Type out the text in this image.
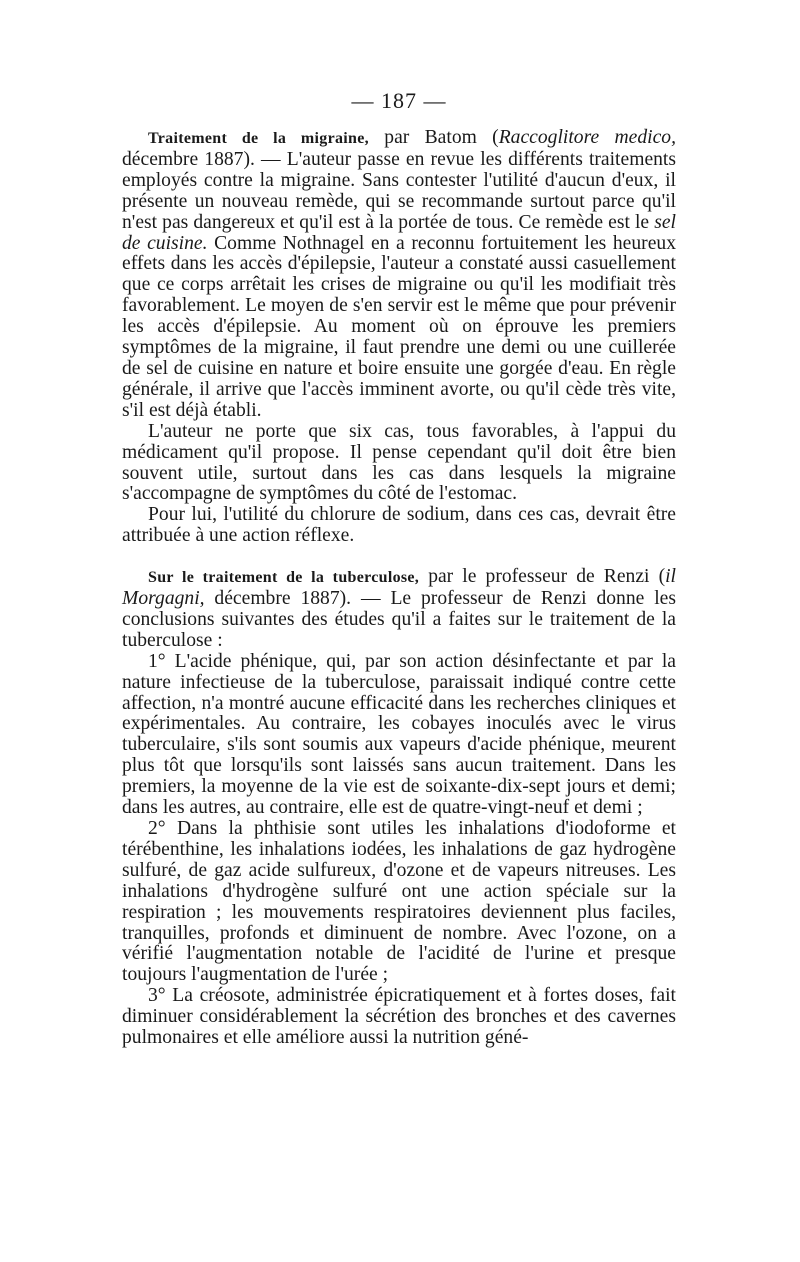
— 187 —

Traitement de la migraine, par Batom (Raccoglitore medico, décembre 1887). — L'auteur passe en revue les différents traitements employés contre la migraine. Sans contester l'utilité d'aucun d'eux, il présente un nouveau remède, qui se recommande surtout parce qu'il n'est pas dangereux et qu'il est à la portée de tous. Ce remède est le sel de cuisine. Comme Nothnagel en a reconnu fortuitement les heureux effets dans les accès d'épilepsie, l'auteur a constaté aussi casuellement que ce corps arrêtait les crises de migraine ou qu'il les modifiait très favorablement. Le moyen de s'en servir est le même que pour prévenir les accès d'épilepsie. Au moment où on éprouve les premiers symptômes de la migraine, il faut prendre une demi ou une cuillerée de sel de cuisine en nature et boire ensuite une gorgée d'eau. En règle générale, il arrive que l'accès imminent avorte, ou qu'il cède très vite, s'il est déjà établi.

L'auteur ne porte que six cas, tous favorables, à l'appui du médicament qu'il propose. Il pense cependant qu'il doit être bien souvent utile, surtout dans les cas dans lesquels la migraine s'accompagne de symptômes du côté de l'estomac.

Pour lui, l'utilité du chlorure de sodium, dans ces cas, devrait être attribuée à une action réflexe.

Sur le traitement de la tuberculose, par le professeur de Renzi (il Morgagni, décembre 1887). — Le professeur de Renzi donne les conclusions suivantes des études qu'il a faites sur le traitement de la tuberculose :

1° L'acide phénique, qui, par son action désinfectante et par la nature infectieuse de la tuberculose, paraissait indiqué contre cette affection, n'a montré aucune efficacité dans les recherches cliniques et expérimentales. Au contraire, les cobayes inoculés avec le virus tuberculaire, s'ils sont soumis aux vapeurs d'acide phénique, meurent plus tôt que lorsqu'ils sont laissés sans aucun traitement. Dans les premiers, la moyenne de la vie est de soixante-dix-sept jours et demi; dans les autres, au contraire, elle est de quatre-vingt-neuf et demi ;

2° Dans la phthisie sont utiles les inhalations d'iodoforme et térébenthine, les inhalations iodées, les inhalations de gaz hydrogène sulfuré, de gaz acide sulfureux, d'ozone et de vapeurs nitreuses. Les inhalations d'hydrogène sulfuré ont une action spéciale sur la respiration ; les mouvements respiratoires deviennent plus faciles, tranquilles, profonds et diminuent de nombre. Avec l'ozone, on a vérifié l'augmentation notable de l'acidité de l'urine et presque toujours l'augmentation de l'urée ;

3° La créosote, administrée épicratiquement et à fortes doses, fait diminuer considérablement la sécrétion des bronches et des cavernes pulmonaires et elle améliore aussi la nutrition géné-
